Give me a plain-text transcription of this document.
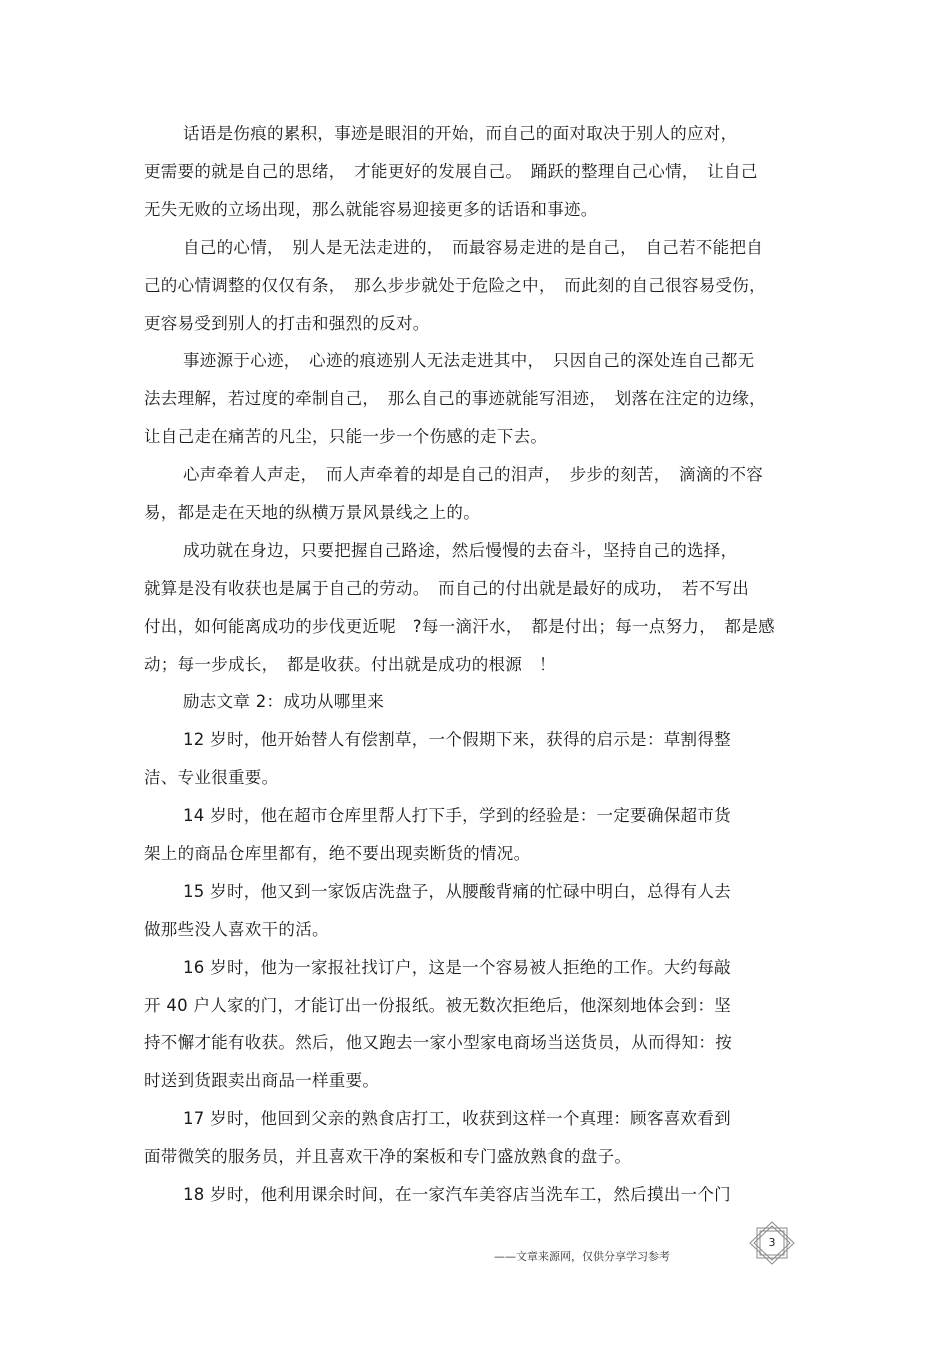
话语是伤痕的累积，事迹是眼泪的开始，而自己的面对取决于别人的应对，
更需要的就是自己的思绪，　才能更好的发展自己。　踊跃的整理自己心情，　让自己
无失无败的立场出现，那么就能容易迎接更多的话语和事迹。
自己的心情，　别人是无法走进的，　而最容易走进的是自己，　自己若不能把自
己的心情调整的仅仅有条，　那么步步就处于危险之中，　而此刻的自己很容易受伤，
更容易受到别人的打击和强烈的反对。
事迹源于心迹，　心迹的痕迹别人无法走进其中，　只因自己的深处连自己都无
法去理解，若过度的牵制自己，　那么自己的事迹就能写泪迹，　划落在注定的边缘，
让自己走在痛苦的凡尘，只能一步一个伤感的走下去。
心声牵着人声走，　而人声牵着的却是自己的泪声，　步步的刻苦，　滴滴的不容
易，都是走在天地的纵横万景风景线之上的。
成功就在身边，只要把握自己路途，然后慢慢的去奋斗，坚持自己的选择，
就算是没有收获也是属于自己的劳动。　而自己的付出就是最好的成功，　若不写出
付出，如何能离成功的步伐更近呢　?每一滴汗水，　都是付出；每一点努力，　都是感
动；每一步成长，　都是收获。付出就是成功的根源　！
励志文章 2：成功从哪里来
12 岁时，他开始替人有偿割草，一个假期下来，获得的启示是：草割得整
洁、专业很重要。
14 岁时，他在超市仓库里帮人打下手，学到的经验是：一定要确保超市货
架上的商品仓库里都有，绝不要出现卖断货的情况。
15 岁时，他又到一家饭店洗盘子，从腰酸背痛的忙碌中明白，总得有人去
做那些没人喜欢干的活。
16 岁时，他为一家报社找订户，这是一个容易被人拒绝的工作。大约每敲
开 40 户人家的门，才能订出一份报纸。被无数次拒绝后，他深刻地体会到：坚
持不懈才能有收获。然后，他又跑去一家小型家电商场当送货员，从而得知：按
时送到货跟卖出商品一样重要。
17 岁时，他回到父亲的熟食店打工，收获到这样一个真理：顾客喜欢看到
面带微笑的服务员，并且喜欢干净的案板和专门盛放熟食的盘子。
18 岁时，他利用课余时间，在一家汽车美容店当洗车工，然后摸出一个门
3
——文章来源网，仅供分享学习参考
